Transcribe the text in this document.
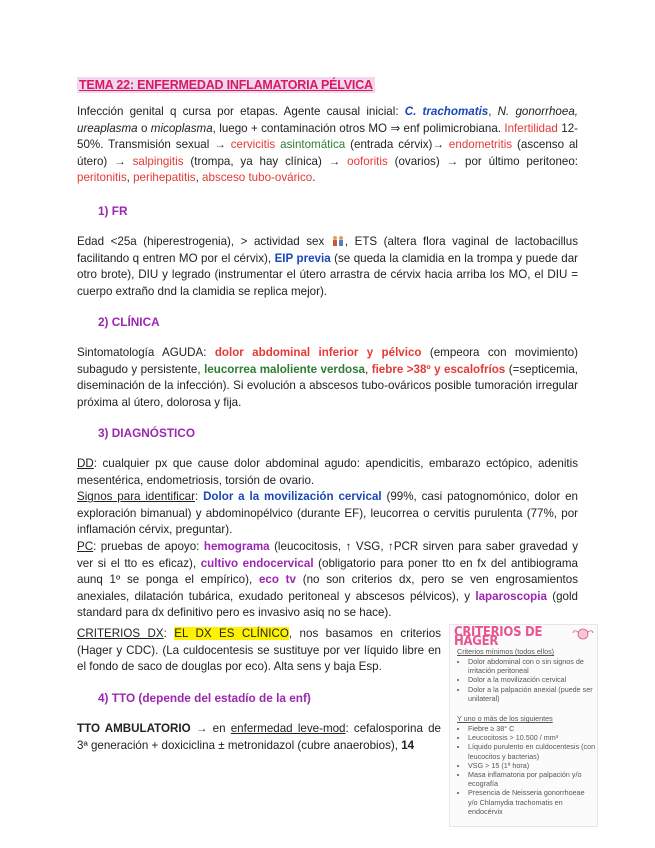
TEMA 22: ENFERMEDAD INFLAMATORIA PÉLVICA
Infección genital q cursa por etapas. Agente causal inicial: C. trachomatis, N. gonorrhoea, ureaplasma o micoplasma, luego + contaminación otros MO ⇒ enf polimicrobiana. Infertilidad 12-50%. Transmisión sexual → cervicitis asintomática (entrada cérvix)→ endometritis (ascenso al útero) → salpingitis (trompa, ya hay clínica) → ooforitis (ovarios) → por último peritoneo: peritonitis, perihepatitis, absceso tubo-ovárico.
1) FR
Edad <25a (hiperestrogenia), > actividad sex , ETS (altera flora vaginal de lactobacillus facilitando q entren MO por el cérvix), EIP previa (se queda la clamidia en la trompa y puede dar otro brote), DIU y legrado (instrumentar el útero arrastra de cérvix hacia arriba los MO, el DIU = cuerpo extraño dnd la clamidia se replica mejor).
2) CLÍNICA
Sintomatología AGUDA: dolor abdominal inferior y pélvico (empeora con movimiento) subagudo y persistente, leucorrea maloliente verdosa, fiebre >38º y escalofríos (=septicemia, diseminación de la infección). Si evolución a abscesos tubo-ováricos posible tumoración irregular próxima al útero, dolorosa y fija.
3) DIAGNÓSTICO
DD: cualquier px que cause dolor abdominal agudo: apendicitis, embarazo ectópico, adenitis mesentérica, endometriosis, torsión de ovario.
Signos para identificar: Dolor a la movilización cervical (99%, casi patognomónico, dolor en exploración bimanual) y abdominopélvico (durante EF), leucorrea o cervitis purulenta (77%, por inflamación cérvix, preguntar).
PC: pruebas de apoyo: hemograma (leucocitosis, ↑ VSG, ↑PCR sirven para saber gravedad y ver si el tto es eficaz), cultivo endocervical (obligatorio para poner tto en fx del antibiograma aunq 1º se ponga el empírico), eco tv (no son criterios dx, pero se ven engrosamientos anexiales, dilatación tubárica, exudado peritoneal y abscesos pélvicos), y laparoscopia (gold standard para dx definitivo pero es invasivo asiq no se hace).
CRITERIOS DX: EL DX ES CLÍNICO, nos basamos en criterios (Hager y CDC). (La culdocentesis se sustituye por ver líquido libre en el fondo de saco de douglas por eco). Alta sens y baja Esp.
4) TTO (depende del estadío de la enf)
TTO AMBULATORIO → en enfermedad leve-mod: cefalosporina de 3ª generación + doxiciclina ± metronidazol (cubre anaerobios), 14
CRITERIOS DE HAGER
Criterios mínimos (todos ellos)
• Dolor abdominal con o sin signos de irritación peritoneal
• Dolor a la movilización cervical
• Dolor a la palpación anexial (puede ser unilateral)
Y uno o más de los siguientes
• Fiebre ≥ 38° C
• Leucocitosis > 10.500 / mm³
• Líquido purulento en culdocentesis (con leucocitos y bacterias)
• VSG > 15 (1ª hora)
• Masa inflamatoria por palpación y/o ecografía
• Presencia de Neisseria gonorrhoeae y/o Chlamydia trachomatis en endocérvix
